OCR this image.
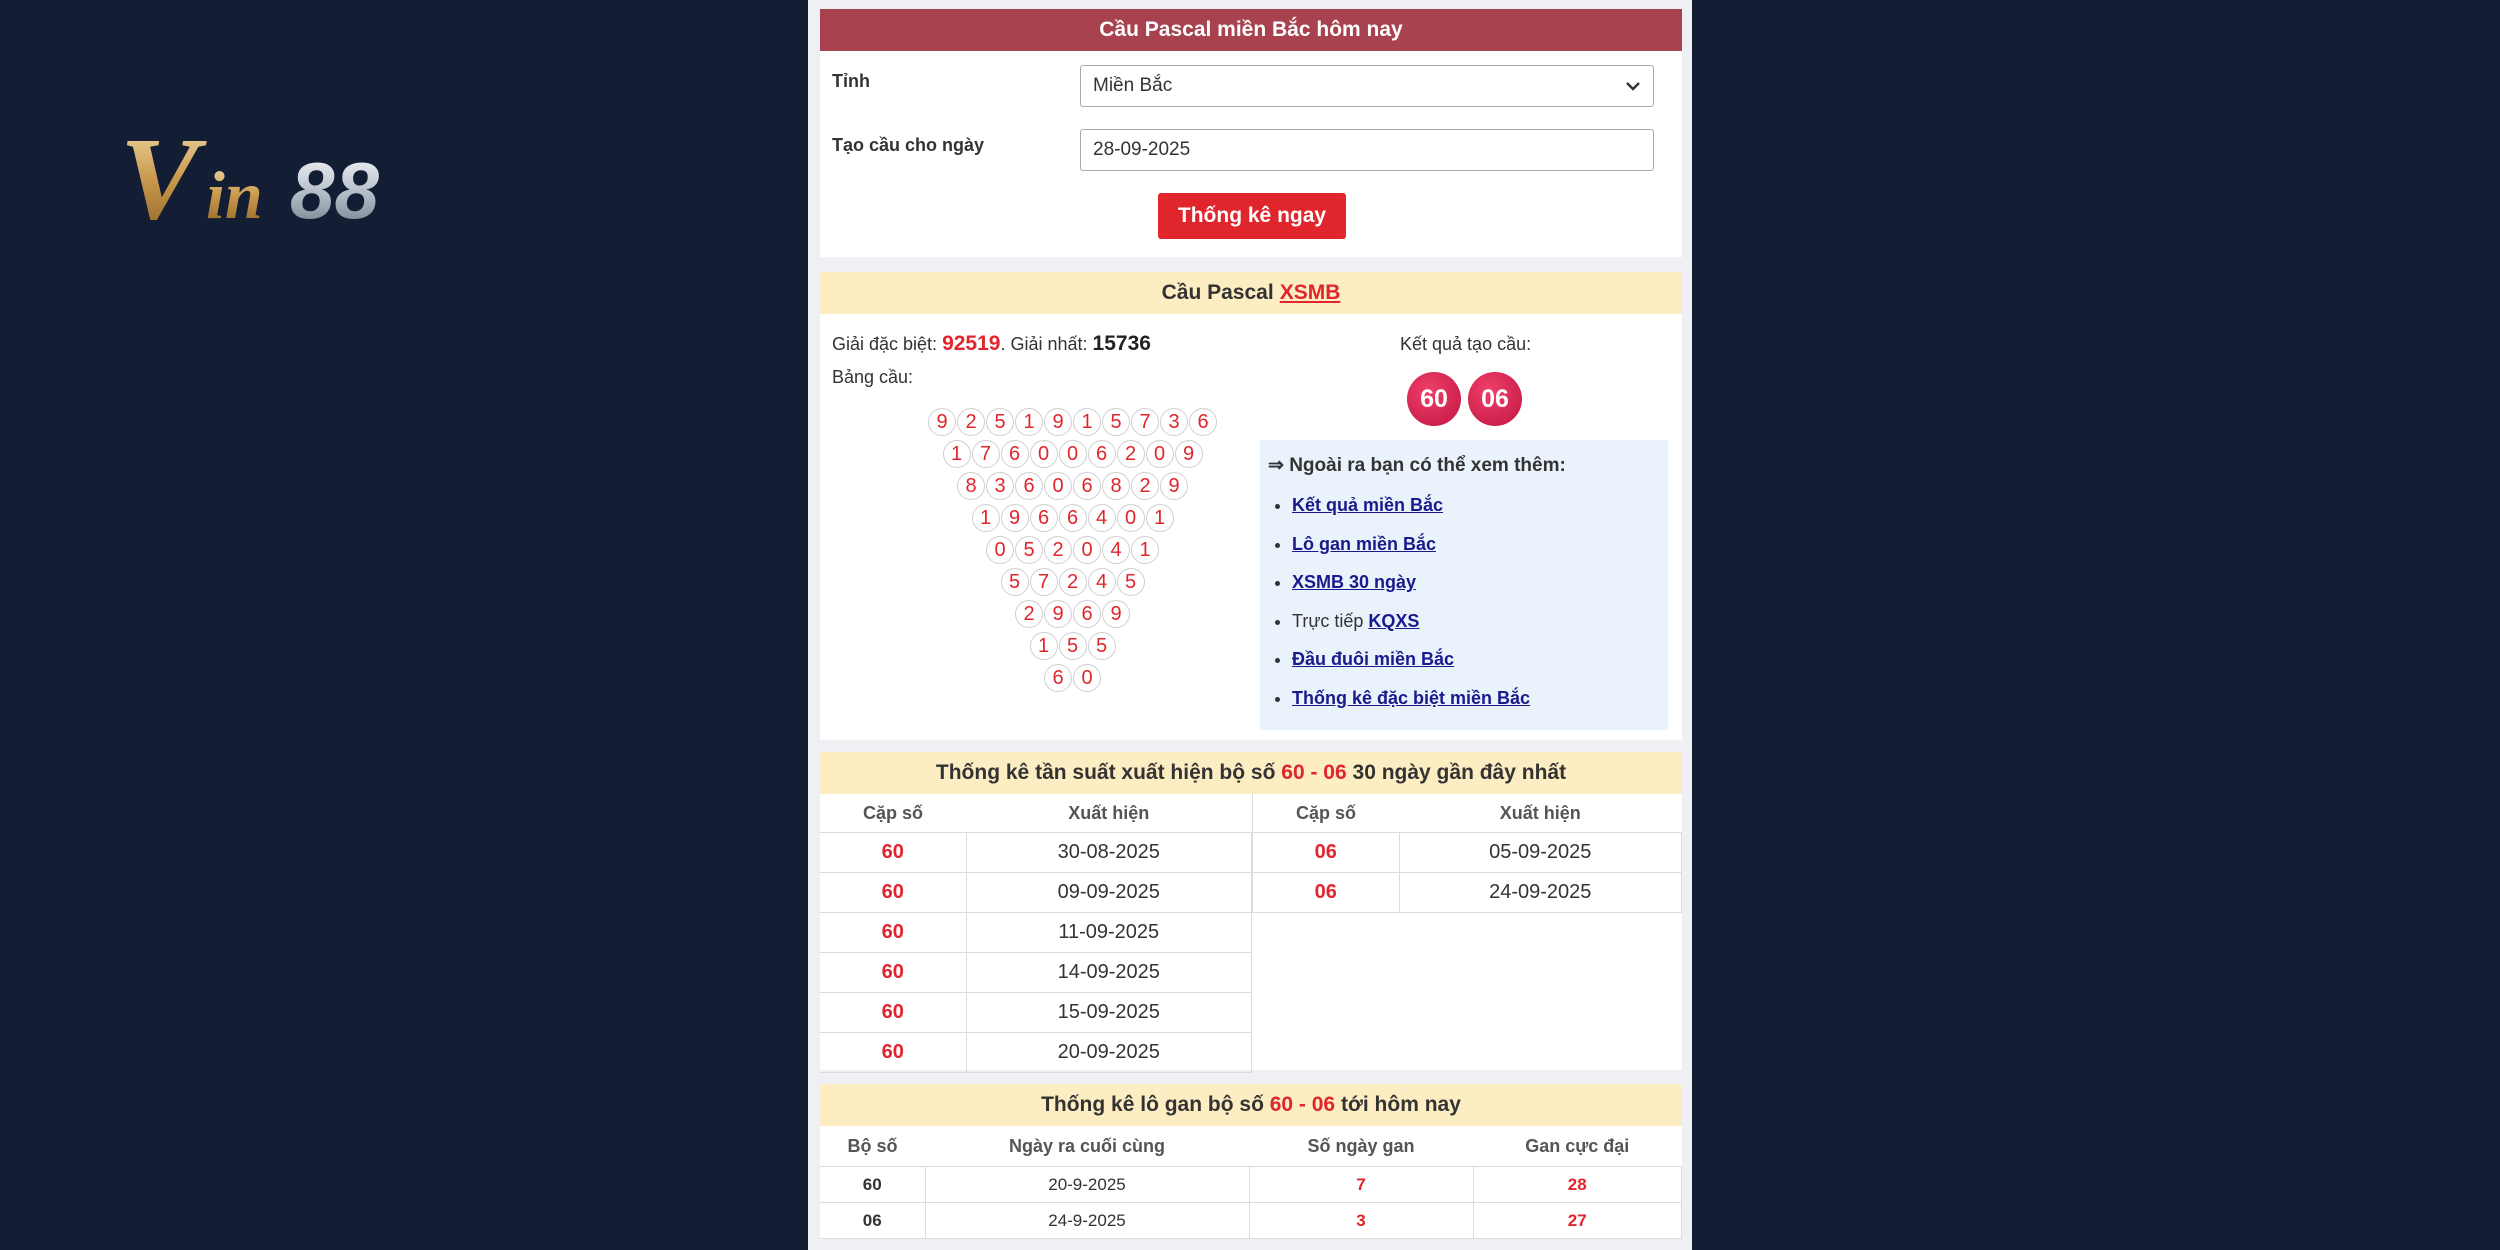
V in 88
Cầu Pascal miền Bắc hôm nay
Tỉnh	Miền Bắc
Tạo cầu cho ngày	28-09-2025
Thống kê ngay
Cầu Pascal XSMB
Giải đặc biệt: 92519. Giải nhất: 15736
Bảng cầu:
9 2 5 1 9 1 5 7 3 6
1 7 6 0 0 6 2 0 9
8 3 6 0 6 8 2 9
1 9 6 6 4 0 1
0 5 2 0 4 1
5 7 2 4 5
2 9 6 9
1 5 5
6 0
Kết quả tạo cầu:
60	06
⇒ Ngoài ra bạn có thể xem thêm:
• Kết quả miền Bắc
• Lô gan miền Bắc
• XSMB 30 ngày
• Trực tiếp KQXS
• Đầu đuôi miền Bắc
• Thống kê đặc biệt miền Bắc
Thống kê tần suất xuất hiện bộ số
60 - 06
30 ngày gần đây nhất
Cặp số	Xuất hiện
60	30-08-2025
60	09-09-2025
60	11-09-2025
60	14-09-2025
60	15-09-2025
60	20-09-2025
Cặp số	Xuất hiện
06	05-09-2025
06	24-09-2025
Thống kê lô gan bộ số
60 - 06
tới hôm nay
Bộ số	Ngày ra cuối cùng	Số ngày gan	Gan cực đại
60	20-9-2025	7	28
06	24-9-2025	3	27
